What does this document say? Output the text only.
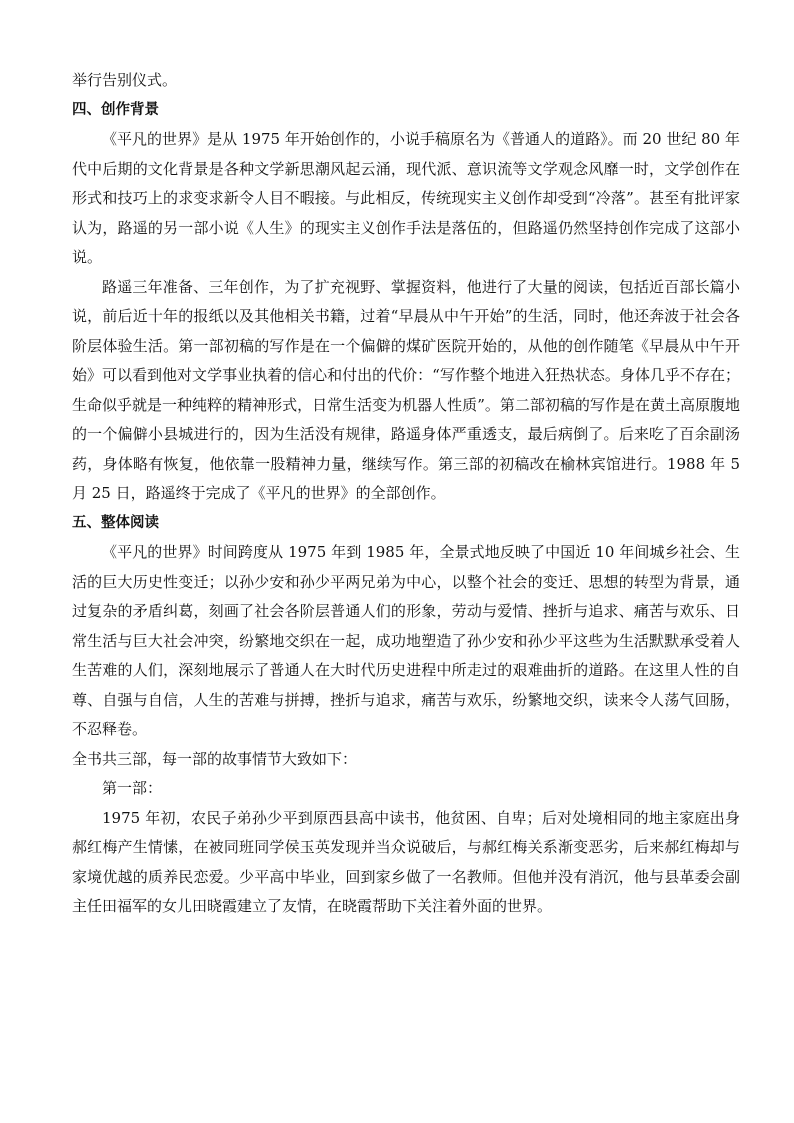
举行告别仪式。

四、创作背景

《平凡的世界》是从 1975 年开始创作的，小说手稿原名为《普通人的道路》。而 20 世纪 80 年代中后期的文化背景是各种文学新思潮风起云涌，现代派、意识流等文学观念风靡一时，文学创作在形式和技巧上的求变求新令人目不暇接。与此相反，传统现实主义创作却受到“冷落”。甚至有批评家认为，路遥的另一部小说《人生》的现实主义创作手法是落伍的，但路遥仍然坚持创作完成了这部小说。

路遥三年准备、三年创作，为了扩充视野、掌握资料，他进行了大量的阅读，包括近百部长篇小说，前后近十年的报纸以及其他相关书籍，过着“早晨从中午开始”的生活，同时，他还奔波于社会各阶层体验生活。第一部初稿的写作是在一个偏僻的煤矿医院开始的，从他的创作随笔《早晨从中午开始》可以看到他对文学事业执着的信心和付出的代价：“写作整个地进入狂热状态。身体几乎不存在；生命似乎就是一种纯粹的精神形式，日常生活变为机器人性质”。第二部初稿的写作是在黄土高原腹地的一个偏僻小县城进行的，因为生活没有规律，路遥身体严重透支，最后病倒了。后来吃了百余副汤药，身体略有恢复，他依靠一股精神力量，继续写作。第三部的初稿改在榆林宾馆进行。1988 年 5 月 25 日，路遥终于完成了《平凡的世界》的全部创作。

五、整体阅读

《平凡的世界》时间跨度从 1975 年到 1985 年，全景式地反映了中国近 10 年间城乡社会、生活的巨大历史性变迁；以孙少安和孙少平两兄弟为中心，以整个社会的变迁、思想的转型为背景，通过复杂的矛盾纠葛，刻画了社会各阶层普通人们的形象，劳动与爱情、挫折与追求、痛苦与欢乐、日常生活与巨大社会冲突，纷繁地交织在一起，成功地塑造了孙少安和孙少平这些为生活默默承受着人生苦难的人们，深刻地展示了普通人在大时代历史进程中所走过的艰难曲折的道路。在这里人性的自尊、自强与自信，人生的苦难与拼搏，挫折与追求，痛苦与欢乐，纷繁地交织，读来令人荡气回肠，不忍释卷。

全书共三部，每一部的故事情节大致如下：

第一部：

1975 年初，农民子弟孙少平到原西县高中读书，他贫困、自卑；后对处境相同的地主家庭出身郝红梅产生情愫，在被同班同学侯玉英发现并当众说破后，与郝红梅关系渐变恶劣，后来郝红梅却与家境优越的质养民恋爱。少平高中毕业，回到家乡做了一名教师。但他并没有消沉，他与县革委会副主任田福军的女儿田晓霞建立了友情，在晓霞帮助下关注着外面的世界。
